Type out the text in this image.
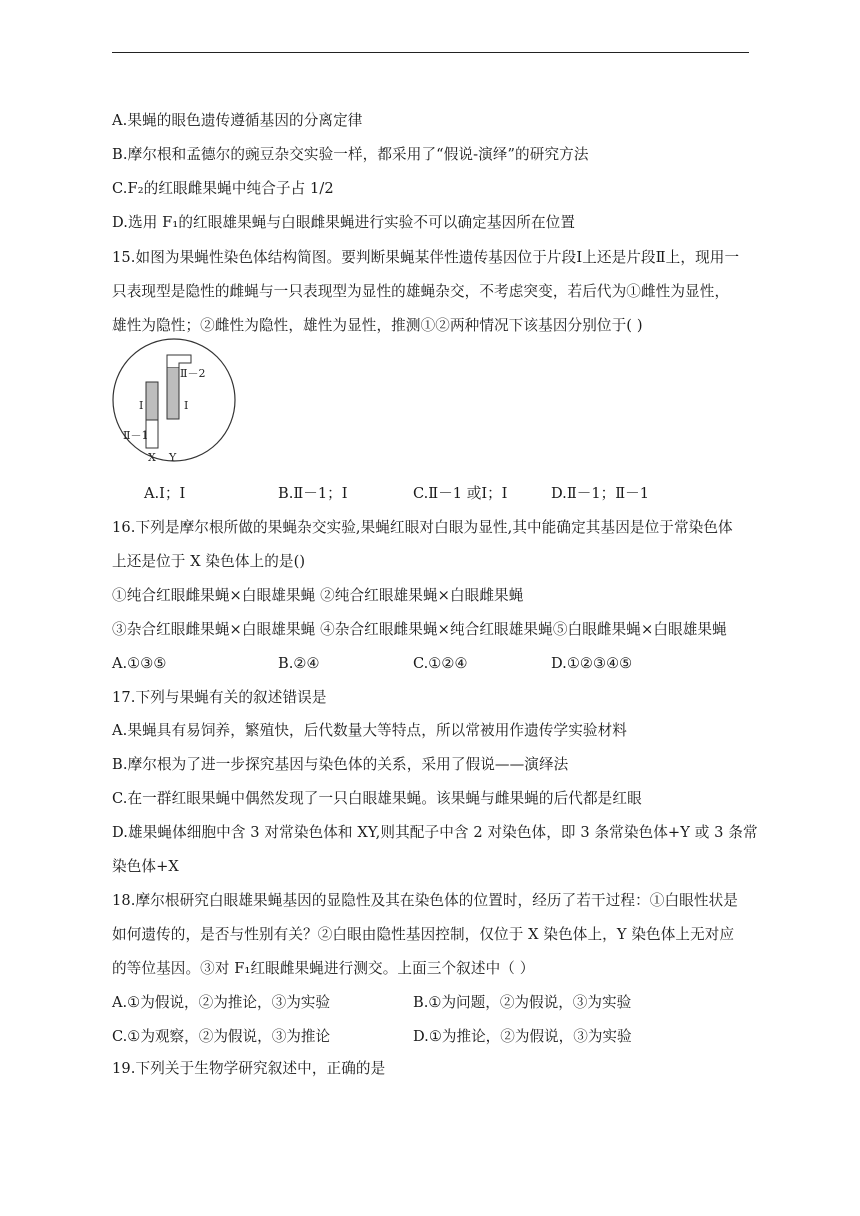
A.果蝇的眼色遗传遵循基因的分离定律
B.摩尔根和孟德尔的豌豆杂交实验一样，都采用了“假说-演绎”的研究方法
C.F₂的红眼雌果蝇中纯合子占 1/2
D.选用 F₁的红眼雄果蝇与白眼雌果蝇进行实验不可以确定基因所在位置
15.如图为果蝇性染色体结构简图。要判断果蝇某伴性遗传基因位于片段Ⅰ上还是片段Ⅱ上，现用一
只表现型是隐性的雌蝇与一只表现型为显性的雄蝇杂交，不考虑突变，若后代为①雌性为显性，
雄性为隐性；②雌性为隐性，雄性为显性，推测①②两种情况下该基因分别位于( )
Ⅰ
Ⅱ－1
Ⅱ－2
Ⅰ
X Y
A.Ⅰ；Ⅰ	B.Ⅱ－1；Ⅰ	C.Ⅱ－1 或Ⅰ；Ⅰ	D.Ⅱ－1；Ⅱ－1
16.下列是摩尔根所做的果蝇杂交实验,果蝇红眼对白眼为显性,其中能确定其基因是位于常染色体
上还是位于 X 染色体上的是()
①纯合红眼雌果蝇×白眼雄果蝇 ②纯合红眼雄果蝇×白眼雌果蝇
③杂合红眼雌果蝇×白眼雄果蝇 ④杂合红眼雌果蝇×纯合红眼雄果蝇⑤白眼雌果蝇×白眼雄果蝇
A.①③⑤	B.②④	C.①②④	D.①②③④⑤
17.下列与果蝇有关的叙述错误是
A.果蝇具有易饲养，繁殖快，后代数量大等特点，所以常被用作遗传学实验材料
B.摩尔根为了进一步探究基因与染色体的关系，采用了假说——演绎法
C.在一群红眼果蝇中偶然发现了一只白眼雄果蝇。该果蝇与雌果蝇的后代都是红眼
D.雄果蝇体细胞中含 3 对常染色体和 XY,则其配子中含 2 对染色体，即 3 条常染色体+Y 或 3 条常
染色体+X
18.摩尔根研究白眼雄果蝇基因的显隐性及其在染色体的位置时，经历了若干过程：①白眼性状是
如何遗传的，是否与性别有关？②白眼由隐性基因控制，仅位于 X 染色体上，Y 染色体上无对应
的等位基因。③对 F₁红眼雌果蝇进行测交。上面三个叙述中（ ）
A.①为假说，②为推论，③为实验	B.①为问题，②为假说，③为实验
C.①为观察，②为假说，③为推论	D.①为推论，②为假说，③为实验
19.下列关于生物学研究叙述中，正确的是
